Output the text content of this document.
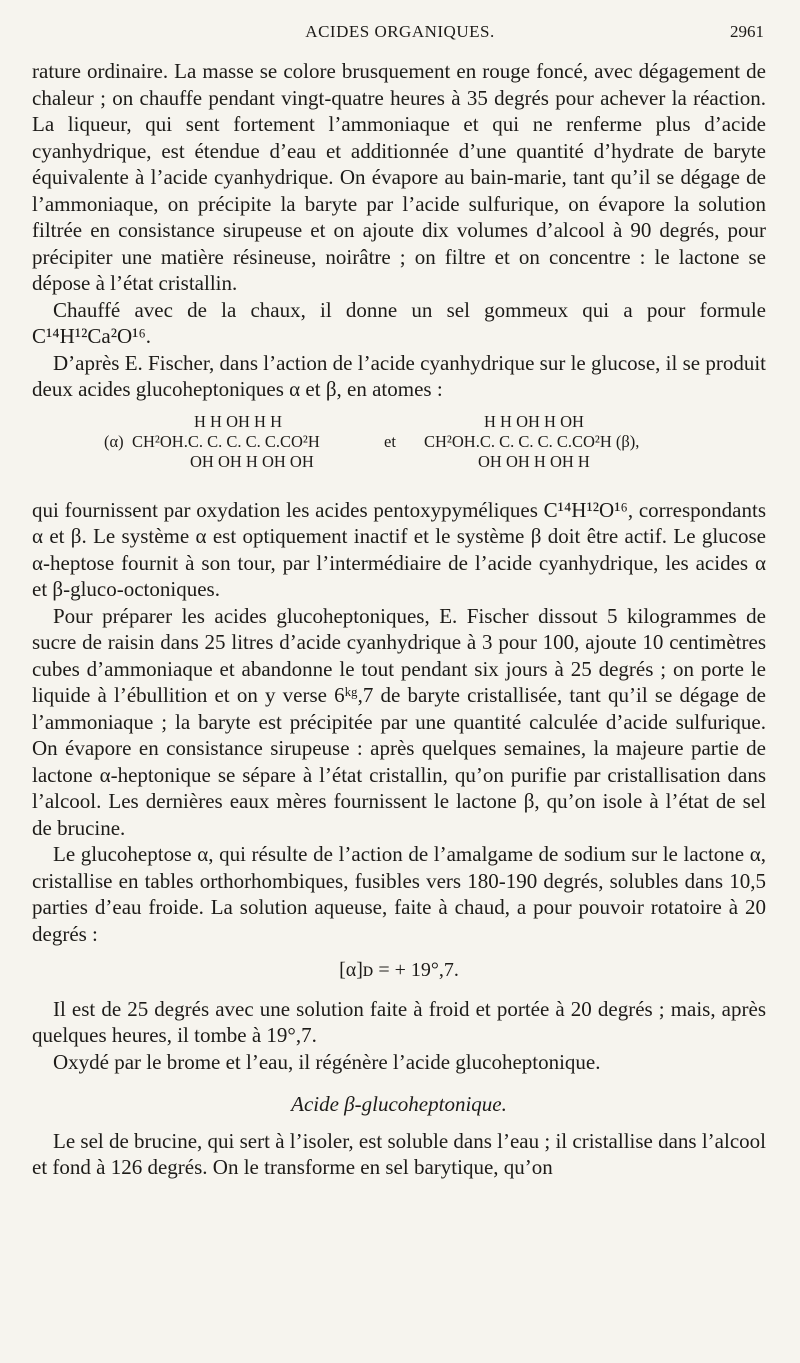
ACIDES ORGANIQUES.	2961

rature ordinaire. La masse se colore brusquement en rouge foncé, avec dégagement de chaleur ; on chauffe pendant vingt-quatre heures à 35 degrés pour achever la réaction. La liqueur, qui sent fortement l’ammoniaque et qui ne renferme plus d’acide cyanhydrique, est étendue d’eau et additionnée d’une quantité d’hydrate de baryte équivalente à l’acide cyanhydrique. On évapore au bain-marie, tant qu’il se dégage de l’ammoniaque, on précipite la baryte par l’acide sulfurique, on évapore la solution filtrée en consistance sirupeuse et on ajoute dix volumes d’alcool à 90 degrés, pour précipiter une matière résineuse, noirâtre ; on filtre et on concentre : le lactone se dépose à l’état cristallin.

Chauffé avec de la chaux, il donne un sel gommeux qui a pour formule C¹⁴H¹²Ca²O¹⁶.

D’après E. Fischer, dans l’action de l’acide cyanhydrique sur le glucose, il se produit deux acides glucoheptoniques α et β, en atomes :

H H OH H H
(α) CH²OH.C. C. C. C. C.CO²H
OH OH H OH OH
et
H H OH H OH
CH²OH.C. C. C. C. C.CO²H (β),
OH OH H OH H

qui fournissent par oxydation les acides pentoxypyméliques C¹⁴H¹²O¹⁶, correspondants α et β. Le système α est optiquement inactif et le système β doit être actif. Le glucose α-heptose fournit à son tour, par l’intermédiaire de l’acide cyanhydrique, les acides α et β-gluco-octoniques.

Pour préparer les acides glucoheptoniques, E. Fischer dissout 5 kilogrammes de sucre de raisin dans 25 litres d’acide cyanhydrique à 3 pour 100, ajoute 10 centimètres cubes d’ammoniaque et abandonne le tout pendant six jours à 25 degrés ; on porte le liquide à l’ébullition et on y verse 6ᵏᵍ,7 de baryte cristallisée, tant qu’il se dégage de l’ammoniaque ; la baryte est précipitée par une quantité calculée d’acide sulfurique. On évapore en consistance sirupeuse : après quelques semaines, la majeure partie de lactone α-heptonique se sépare à l’état cristallin, qu’on purifie par cristallisation dans l’alcool. Les dernières eaux mères fournissent le lactone β, qu’on isole à l’état de sel de brucine.

Le glucoheptose α, qui résulte de l’action de l’amalgame de sodium sur le lactone α, cristallise en tables orthorhombiques, fusibles vers 180-190 degrés, solubles dans 10,5 parties d’eau froide. La solution aqueuse, faite à chaud, a pour pouvoir rotatoire à 20 degrés :

[α]ᴅ = + 19°,7.

Il est de 25 degrés avec une solution faite à froid et portée à 20 degrés ; mais, après quelques heures, il tombe à 19°,7.

Oxydé par le brome et l’eau, il régénère l’acide glucoheptonique.

Acide β-glucoheptonique.

Le sel de brucine, qui sert à l’isoler, est soluble dans l’eau ; il cristallise dans l’alcool et fond à 126 degrés. On le transforme en sel barytique, qu’on
